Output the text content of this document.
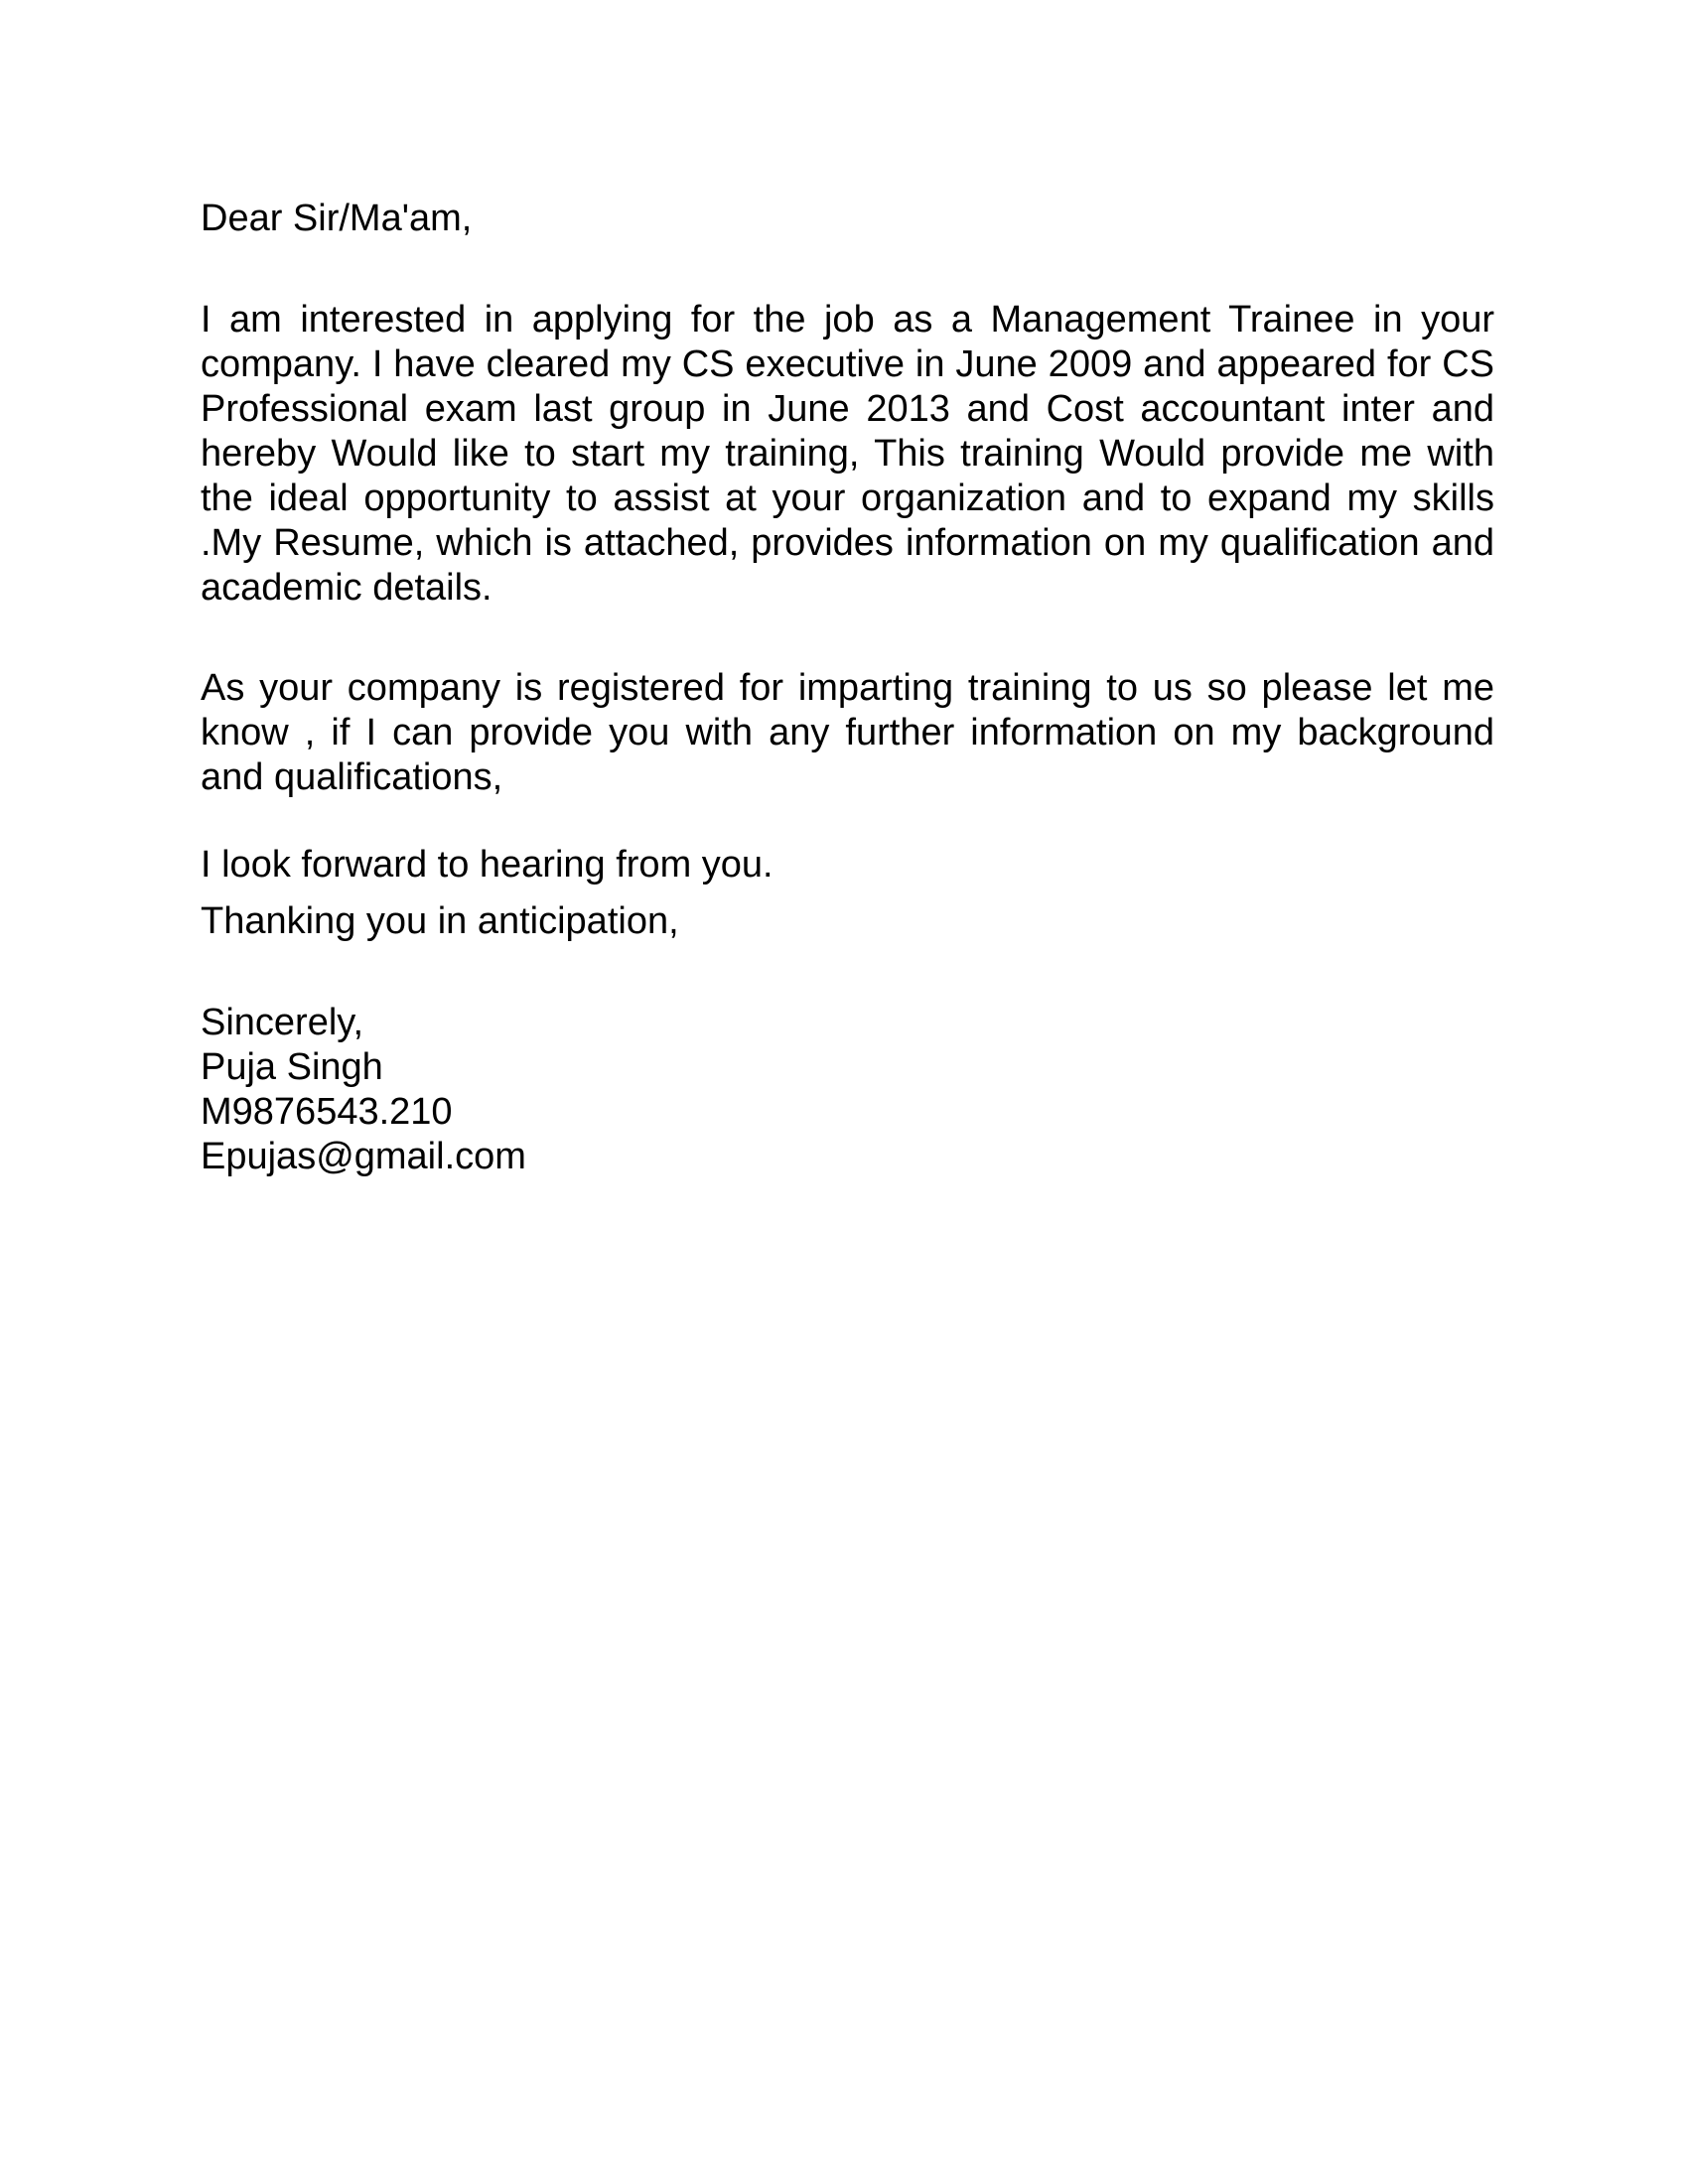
Dear Sir/Ma'am,

I am interested in applying for the job as a Management Trainee in your company. I have cleared my CS executive in June 2009 and appeared for CS Professional exam last group in June 2013 and Cost accountant inter and hereby Would like to start my training, This training Would provide me with the ideal opportunity to assist at your organization and to expand my skills .My Resume, which is attached, provides information on my qualification and academic details.

As your company is registered for imparting training to us so please let me know , if I can provide you with any further information on my background and qualifications,

I look forward to hearing from you.

Thanking you in anticipation,

Sincerely,

Puja Singh

M9876543.210

Epujas@gmail.com
